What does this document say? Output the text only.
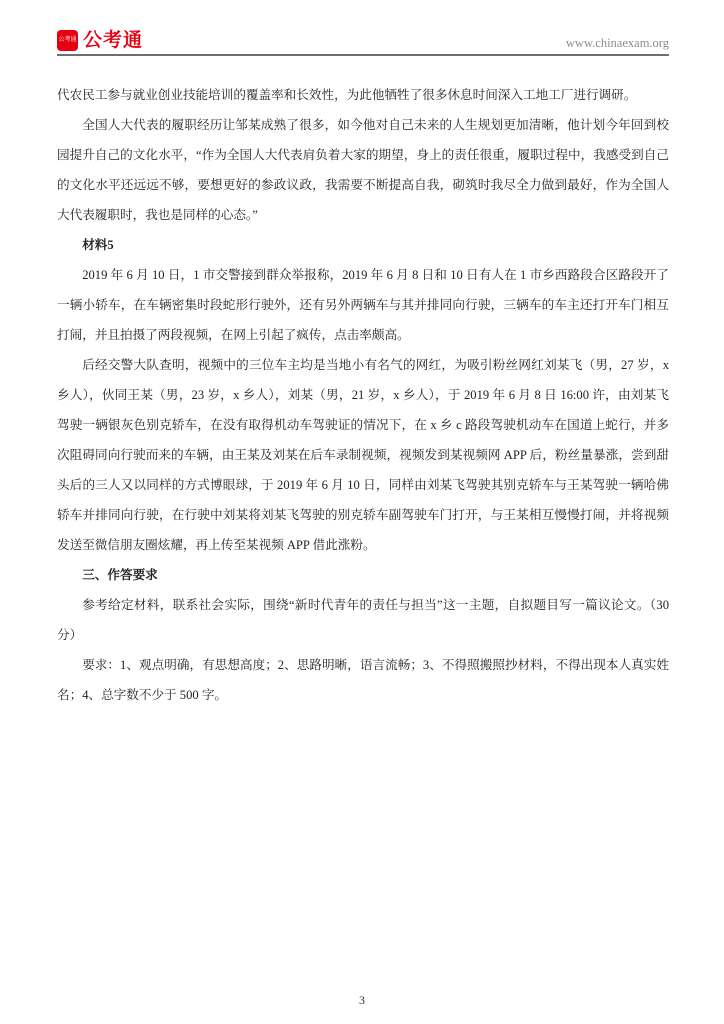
公考通 公考通	www.chinaexam.org

代农民工参与就业创业技能培训的覆盖率和长效性，为此他牺牲了很多休息时间深入工地工厂进行调研。

全国人大代表的履职经历让邹某成熟了很多，如今他对自己未来的人生规划更加清晰，他计划今年回到校园提升自己的文化水平，“作为全国人大代表肩负着大家的期望，身上的责任很重，履职过程中，我感受到自己的文化水平还远远不够，要想更好的参政议政，我需要不断提高自我，砌筑时我尽全力做到最好，作为全国人大代表履职时，我也是同样的心态。”

材料5

2019 年 6 月 10 日，1 市交警接到群众举报称，2019 年 6 月 8 日和 10 日有人在 1 市乡西路段合区路段开了一辆小轿车，在车辆密集时段蛇形行驶外，还有另外两辆车与其并排同向行驶，三辆车的车主还打开车门相互打闹，并且拍摄了两段视频，在网上引起了疯传，点击率颇高。

后经交警大队查明，视频中的三位车主均是当地小有名气的网红，为吸引粉丝网红刘某飞（男，27 岁，x 乡人），伙同王某（男，23 岁，x 乡人），刘某（男，21 岁，x 乡人），于 2019 年 6 月 8 日 16:00 许，由刘某飞驾驶一辆银灰色别克轿车，在没有取得机动车驾驶证的情况下，在 x 乡 c 路段驾驶机动车在国道上蛇行，并多次阻碍同向行驶而来的车辆，由王某及刘某在后车录制视频，视频发到某视频网 APP 后，粉丝量暴涨，尝到甜头后的三人又以同样的方式博眼球，于 2019 年 6 月 10 日，同样由刘某飞驾驶其别克轿车与王某驾驶一辆哈佛轿车并排同向行驶，在行驶中刘某将刘某飞驾驶的别克轿车副驾驶车门打开，与王某相互慢慢打闹，并将视频发送至微信朋友圈炫耀，再上传至某视频 APP 借此涨粉。

三、作答要求

参考给定材料，联系社会实际，围绕“新时代青年的责任与担当”这一主题，自拟题目写一篇议论文。（30分）

要求：1、观点明确，有思想高度；2、思路明晰，语言流畅；3、不得照搬照抄材料，不得出现本人真实姓名；4、总字数不少于 500 字。

3
